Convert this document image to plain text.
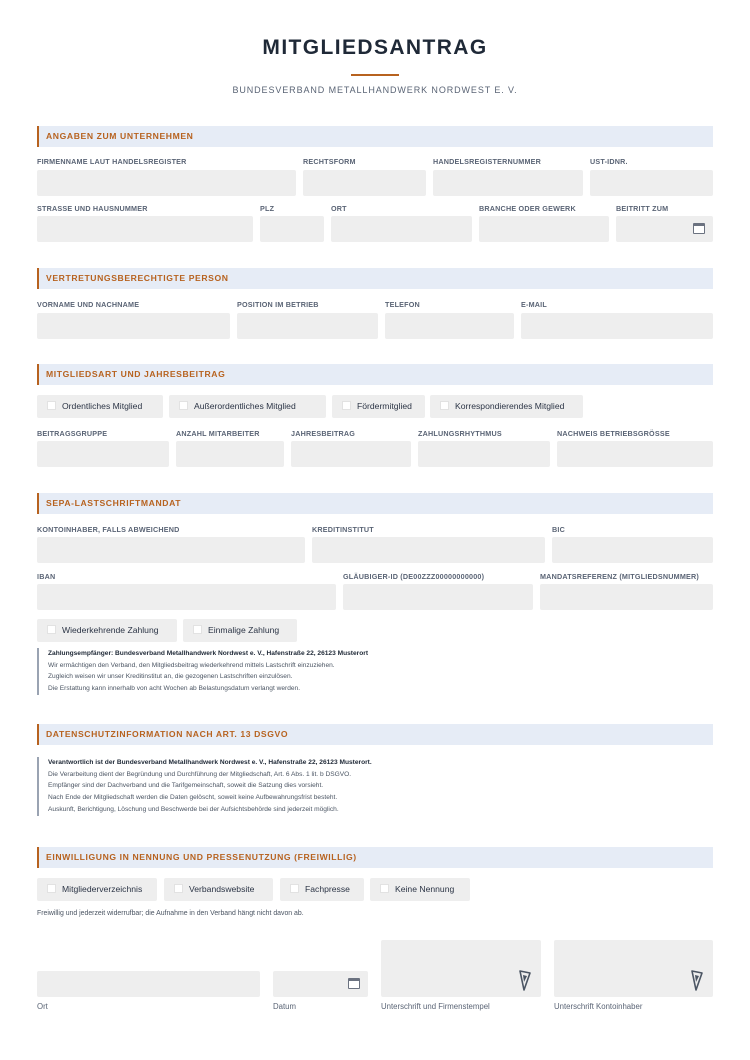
MITGLIEDSANTRAG
BUNDESVERBAND METALLHANDWERK NORDWEST E. V.
ANGABEN ZUM UNTERNEHMEN
FIRMENNAME LAUT HANDELSREGISTER	RECHTSFORM	HANDELSREGISTERNUMMER	UST-IDNR.
STRASSE UND HAUSNUMMER	PLZ	ORT	BRANCHE ODER GEWERK	BEITRITT ZUM
VERTRETUNGSBERECHTIGTE PERSON
VORNAME UND NACHNAME	POSITION IM BETRIEB	TELEFON	E-MAIL
MITGLIEDSART UND JAHRESBEITRAG
Ordentliches Mitglied	Außerordentliches Mitglied	Fördermitglied	Korrespondierendes Mitglied
BEITRAGSGRUPPE	ANZAHL MITARBEITER	JAHRESBEITRAG	ZAHLUNGSRHYTHMUS	NACHWEIS BETRIEBSGRÖSSE
SEPA-LASTSCHRIFTMANDAT
KONTOINHABER, FALLS ABWEICHEND	KREDITINSTITUT	BIC
IBAN	GLÄUBIGER-ID (DE00ZZZ00000000000)	MANDATSREFERENZ (MITGLIEDSNUMMER)
Wiederkehrende Zahlung	Einmalige Zahlung

Zahlungsempfänger: Bundesverband Metallhandwerk Nordwest e. V., Hafenstraße 22, 26123 Musterort

Wir ermächtigen den Verband, den Mitgliedsbeitrag wiederkehrend mittels Lastschrift einzuziehen.

Zugleich weisen wir unser Kreditinstitut an, die gezogenen Lastschriften einzulösen.

Die Erstattung kann innerhalb von acht Wochen ab Belastungsdatum verlangt werden.

DATENSCHUTZINFORMATION NACH ART. 13 DSGVO

Verantwortlich ist der Bundesverband Metallhandwerk Nordwest e. V., Hafenstraße 22, 26123 Musterort.

Die Verarbeitung dient der Begründung und Durchführung der Mitgliedschaft, Art. 6 Abs. 1 lit. b DSGVO.

Empfänger sind der Dachverband und die Tarifgemeinschaft, soweit die Satzung dies vorsieht.

Nach Ende der Mitgliedschaft werden die Daten gelöscht, soweit keine Aufbewahrungsfrist besteht.

Auskunft, Berichtigung, Löschung und Beschwerde bei der Aufsichtsbehörde sind jederzeit möglich.

EINWILLIGUNG IN NENNUNG UND PRESSENUTZUNG (FREIWILLIG)
Mitgliederverzeichnis	Verbandswebsite	Fachpresse	Keine Nennung
Freiwillig und jederzeit widerrufbar; die Aufnahme in den Verband hängt nicht davon ab.
Ort	Datum	Unterschrift und Firmenstempel	Unterschrift Kontoinhaber
